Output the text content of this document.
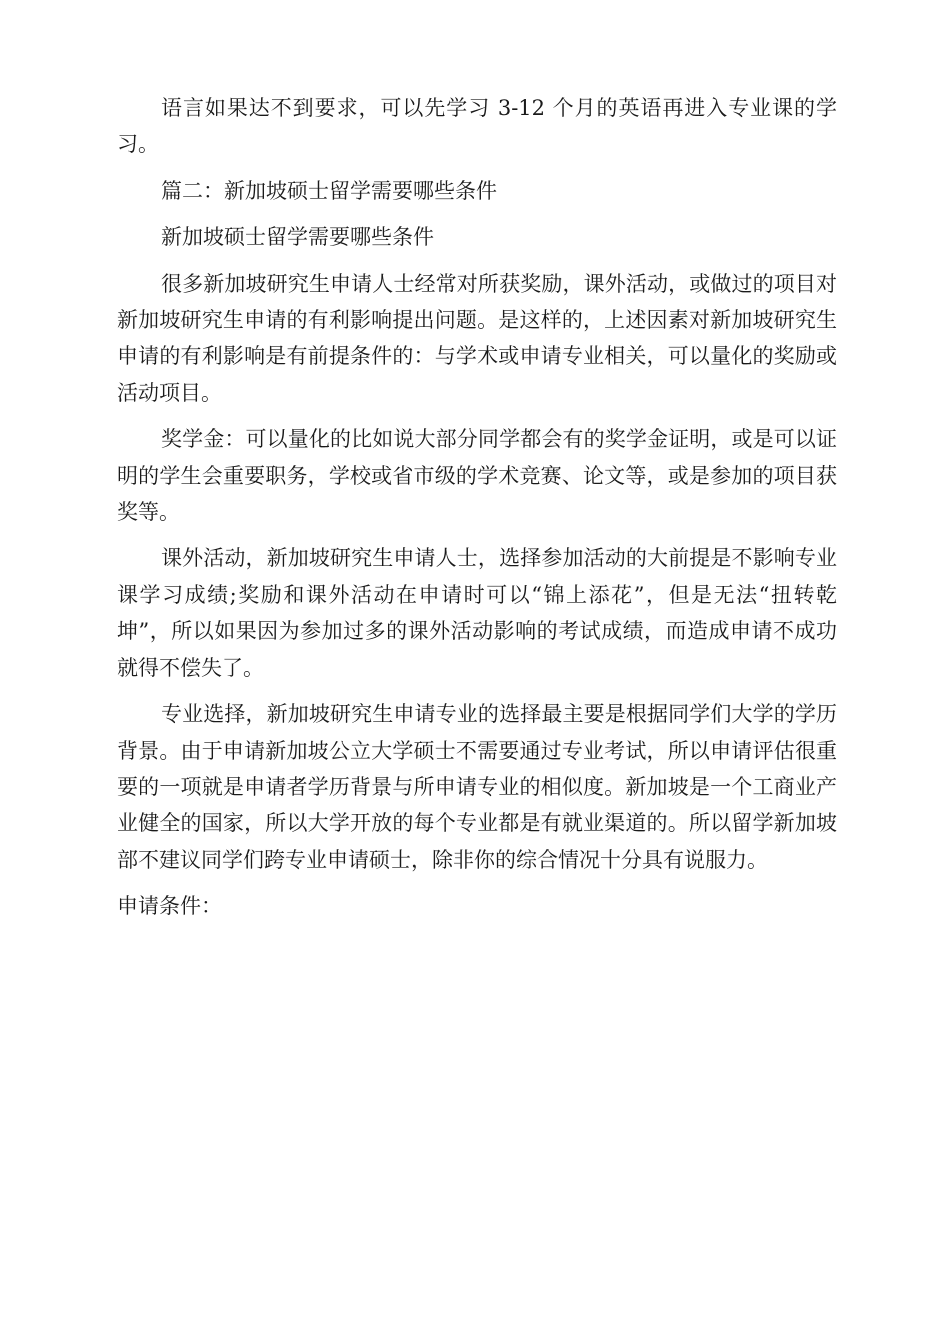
语言如果达不到要求，可以先学习 3-12 个月的英语再进入专业课的学习。

篇二：新加坡硕士留学需要哪些条件

新加坡硕士留学需要哪些条件

很多新加坡研究生申请人士经常对所获奖励，课外活动，或做过的项目对新加坡研究生申请的有利影响提出问题。是这样的，上述因素对新加坡研究生申请的有利影响是有前提条件的：与学术或申请专业相关，可以量化的奖励或活动项目。

奖学金：可以量化的比如说大部分同学都会有的奖学金证明，或是可以证明的学生会重要职务，学校或省市级的学术竞赛、论文等，或是参加的项目获奖等。

课外活动，新加坡研究生申请人士，选择参加活动的大前提是不影响专业课学习成绩;奖励和课外活动在申请时可以“锦上添花”，但是无法“扭转乾坤”，所以如果因为参加过多的课外活动影响的考试成绩，而造成申请不成功就得不偿失了。

专业选择，新加坡研究生申请专业的选择最主要是根据同学们大学的学历背景。由于申请新加坡公立大学硕士不需要通过专业考试，所以申请评估很重要的一项就是申请者学历背景与所申请专业的相似度。新加坡是一个工商业产业健全的国家，所以大学开放的每个专业都是有就业渠道的。所以留学新加坡部不建议同学们跨专业申请硕士，除非你的综合情况十分具有说服力。

申请条件：
